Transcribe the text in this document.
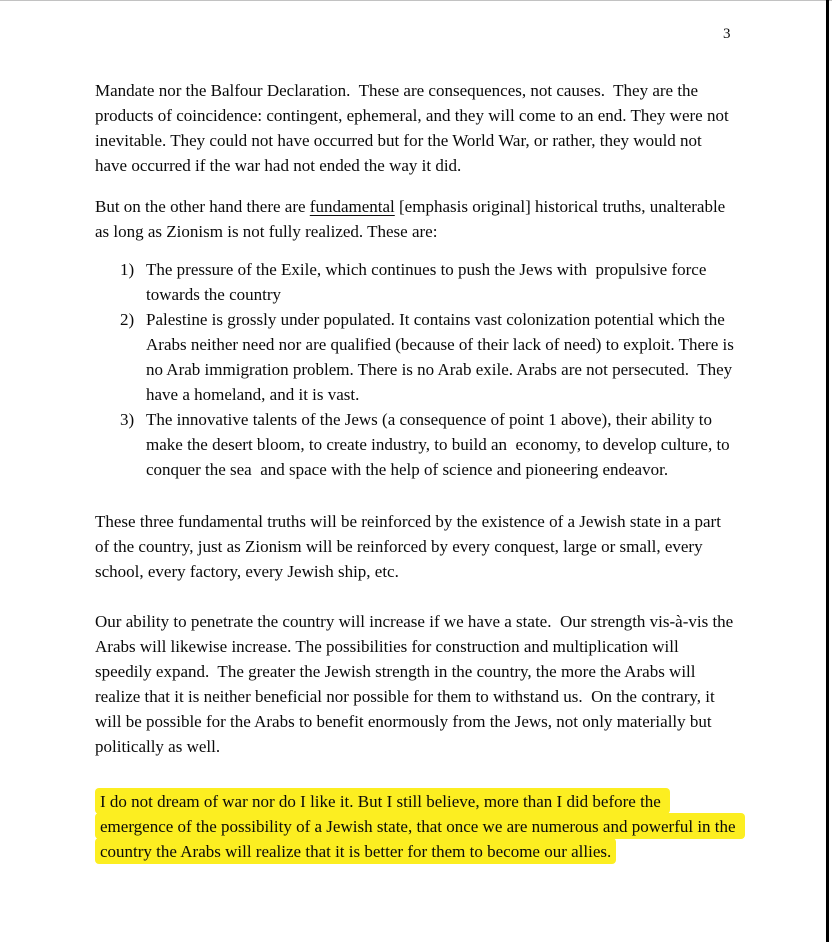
3

Mandate nor the Balfour Declaration.  These are consequences, not causes.  They are the products of coincidence: contingent, ephemeral, and they will come to an end. They were not inevitable. They could not have occurred but for the World War, or rather, they would not have occurred if the war had not ended the way it did.

But on the other hand there are fundamental [emphasis original] historical truths, unalterable as long as Zionism is not fully realized. These are:

1) The pressure of the Exile, which continues to push the Jews with  propulsive force towards the country
2) Palestine is grossly under populated. It contains vast colonization potential which the Arabs neither need nor are qualified (because of their lack of need) to exploit. There is no Arab immigration problem. There is no Arab exile. Arabs are not persecuted.  They have a homeland, and it is vast.
3) The innovative talents of the Jews (a consequence of point 1 above), their ability to make the desert bloom, to create industry, to build an  economy, to develop culture, to conquer the sea  and space with the help of science and pioneering endeavor.

These three fundamental truths will be reinforced by the existence of a Jewish state in a part of the country, just as Zionism will be reinforced by every conquest, large or small, every school, every factory, every Jewish ship, etc.

Our ability to penetrate the country will increase if we have a state.  Our strength vis-à-vis the Arabs will likewise increase. The possibilities for construction and multiplication will speedily expand.  The greater the Jewish strength in the country, the more the Arabs will realize that it is neither beneficial nor possible for them to withstand us.  On the contrary, it will be possible for the Arabs to benefit enormously from the Jews, not only materially but politically as well.

I do not dream of war nor do I like it. But I still believe, more than I did before the emergence of the possibility of a Jewish state, that once we are numerous and powerful in the country the Arabs will realize that it is better for them to become our allies.
